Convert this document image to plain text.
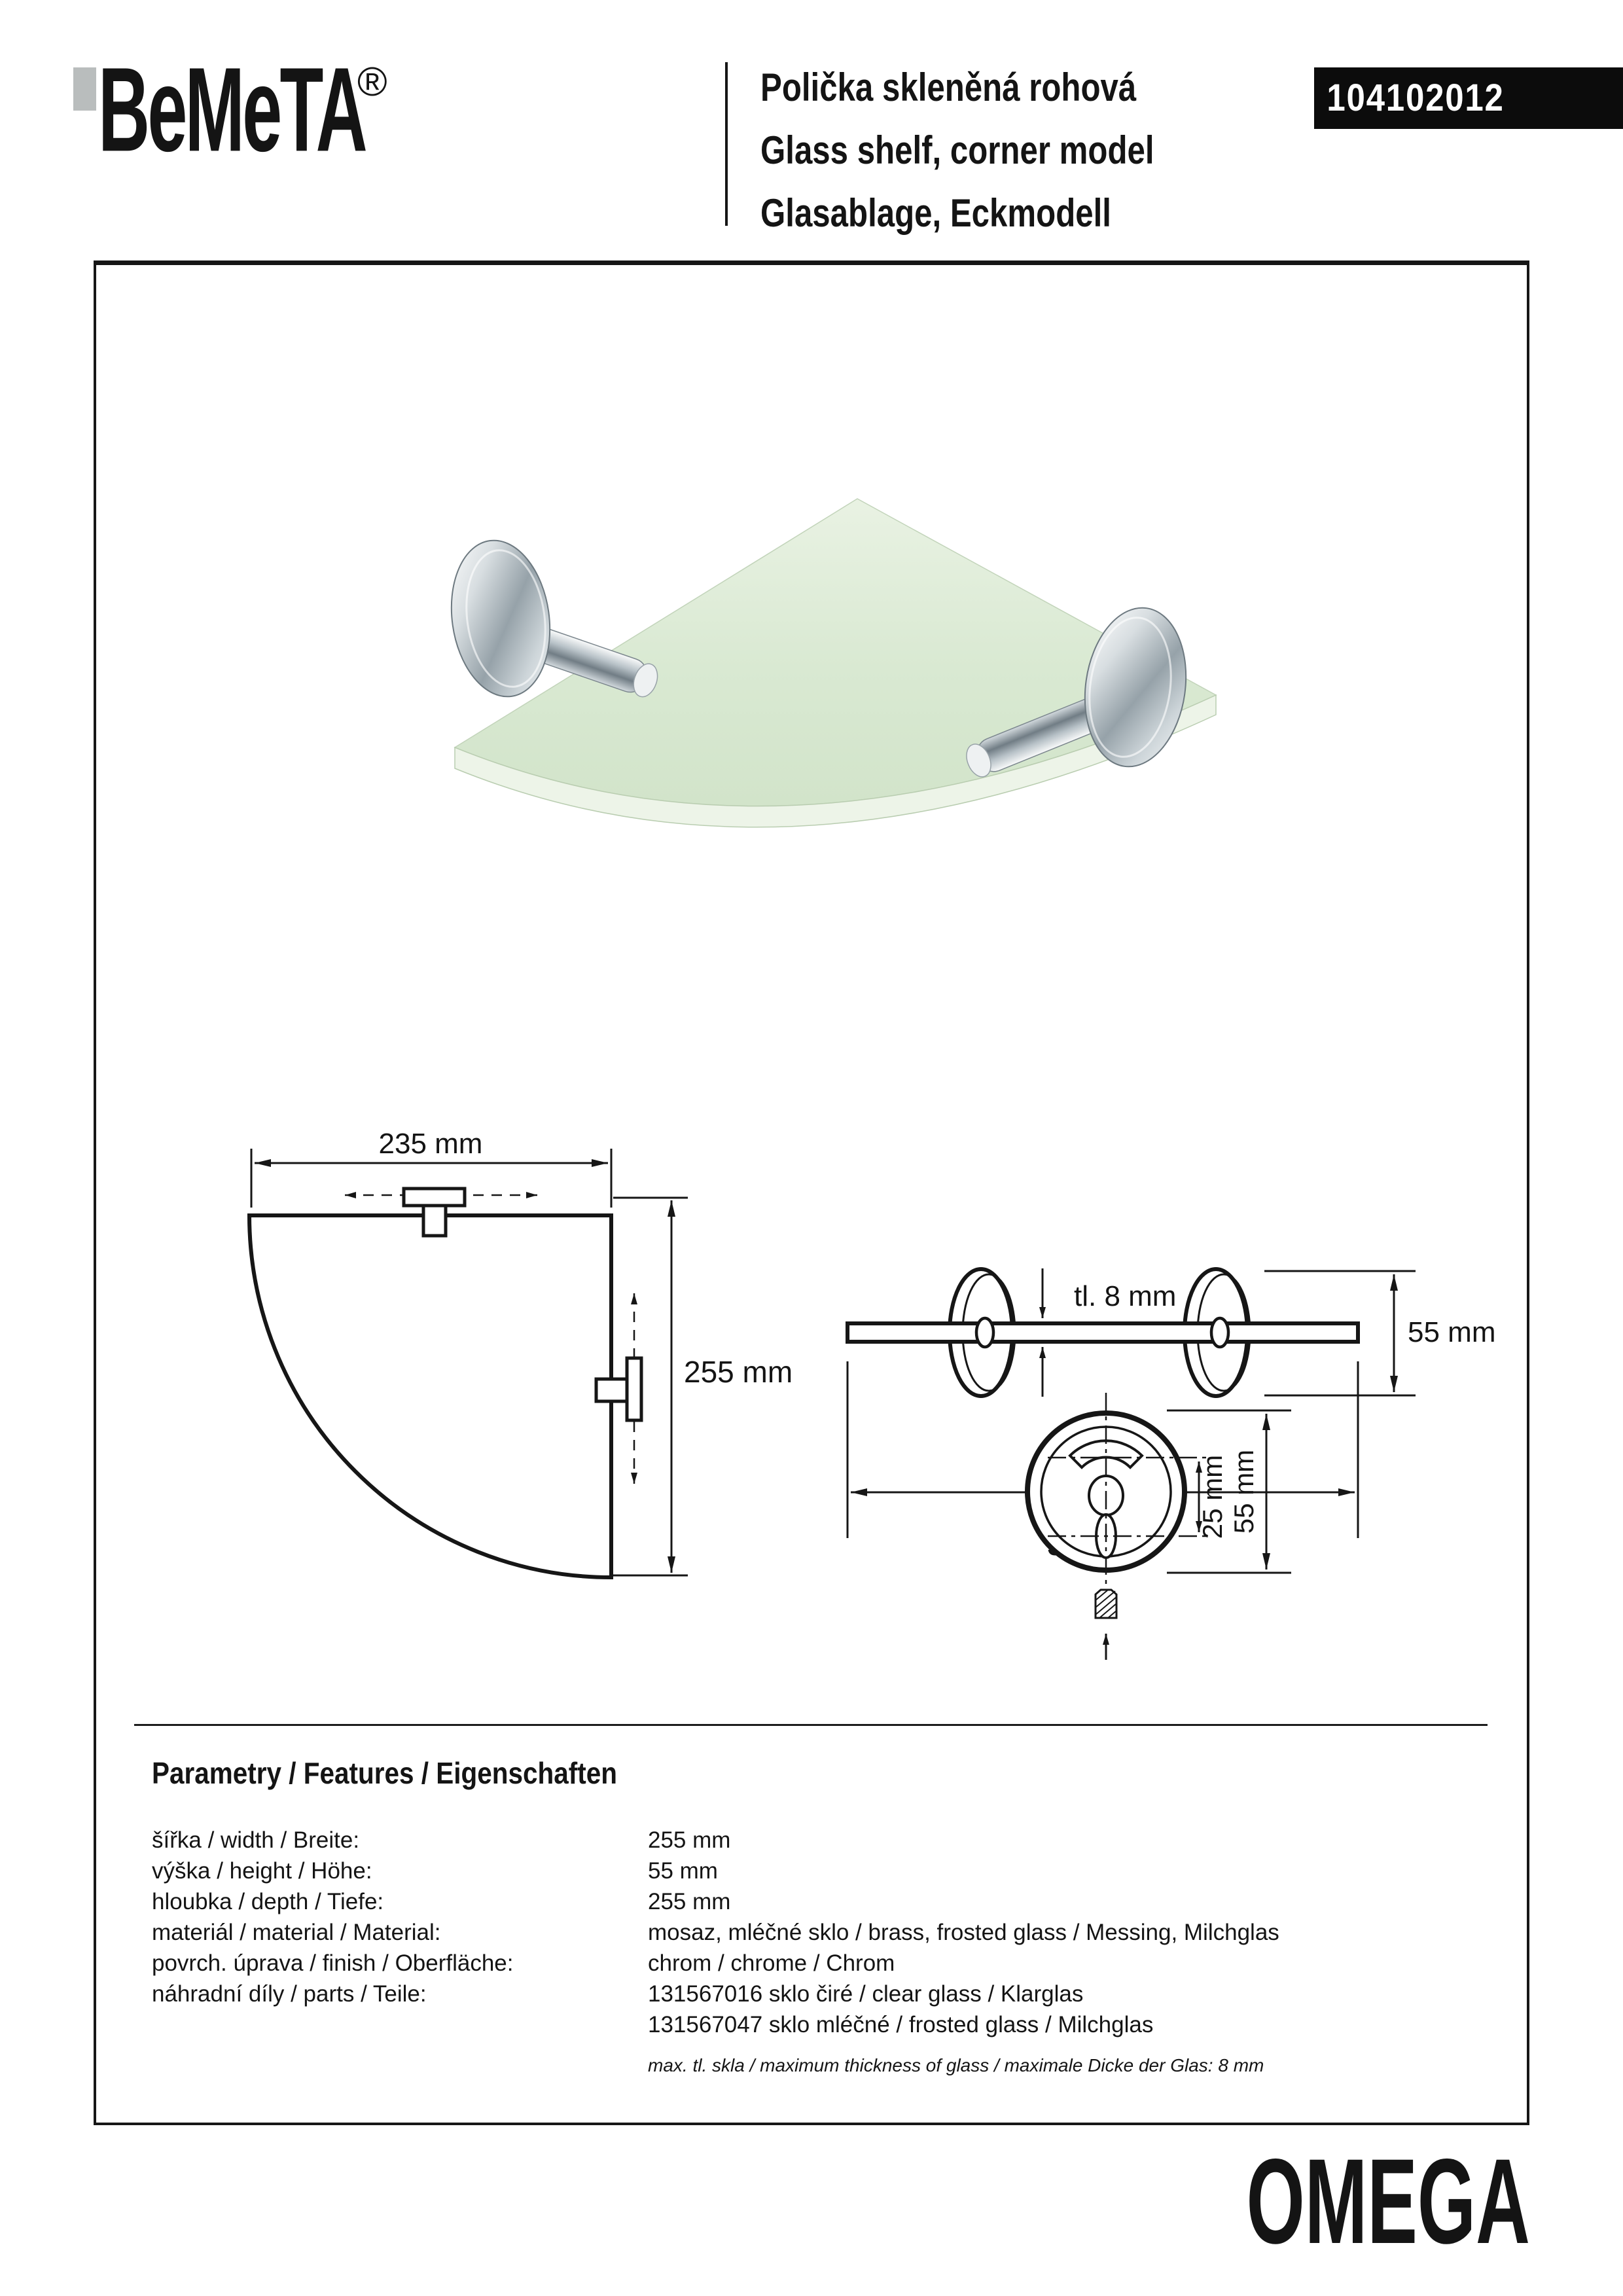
BeMeTA
®	Polička skleněná rohová
Glass shelf, corner model
Glasablage, Eckmodell
104102012
235 mm
255 mm
tl. 8 mm
55 mm
25 mm 55 mm
Parametry / Features / Eigenschaften
šířka / width / Breite:	255 mm
výška / height / Höhe:	55 mm
hloubka / depth / Tiefe:	255 mm
materiál / material / Material:	mosaz, mléčné sklo / brass, frosted glass / Messing, Milchglas
povrch. úprava / finish / Oberfläche:	chrom / chrome / Chrom
náhradní díly / parts / Teile:	131567016 sklo čiré / clear glass / Klarglas
131567047 sklo mléčné / frosted glass / Milchglas
max. tl. skla / maximum thickness of glass / maximale Dicke der Glas: 8 mm
OMEGA
